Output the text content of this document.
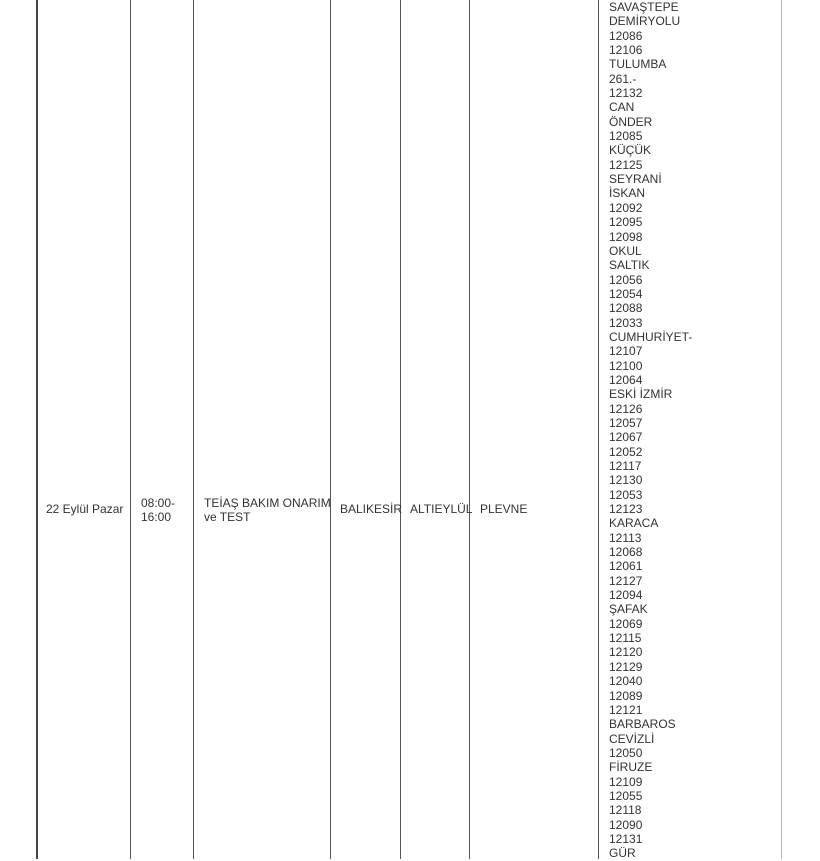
22 Eylül Pazar 08:00-
16:00
TEİAŞ BAKIM ONARIM
ve TEST
BALIKESİR ALTIEYLÜL PLEVNE
SAVAŞTEPE
DEMİRYOLU
12086
12106
TULUMBA
261.-
12132
CAN
ÖNDER
12085
KÜÇÜK
12125
SEYRANİ
İSKAN
12092
12095
12098
OKUL
SALTIK
12056
12054
12088
12033
CUMHURİYET-
12107
12100
12064
ESKİ İZMİR
12126
12057
12067
12052
12117
12130
12053
12123
KARACA
12113
12068
12061
12127
12094
ŞAFAK
12069
12115
12120
12129
12040
12089
12121
BARBAROS
CEVİZLİ
12050
FİRUZE
12109
12055
12118
12090
12131
GÜR
